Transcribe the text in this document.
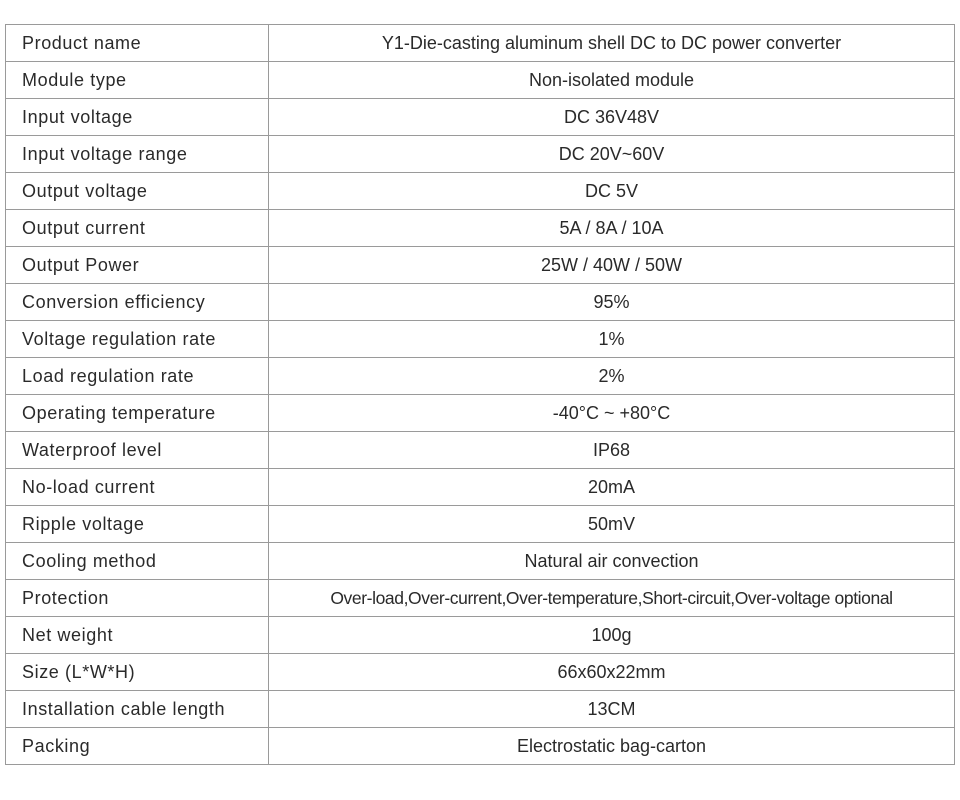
Product name	Y1-Die-casting aluminum shell DC to DC power converter
Module type	Non-isolated module
Input voltage	DC 36V48V
Input voltage range	DC 20V~60V
Output voltage	DC 5V
Output current	5A / 8A / 10A
Output Power	25W / 40W / 50W
Conversion efficiency	95%
Voltage regulation rate	1%
Load regulation rate	2%
Operating temperature	-40°C ~ +80°C
Waterproof level	IP68
No-load current	20mA
Ripple voltage	50mV
Cooling method	Natural air convection
Protection	Over-load,Over-current,Over-temperature,Short-circuit,Over-voltage optional
Net weight	100g
Size (L*W*H)	66x60x22mm
Installation cable length	13CM
Packing	Electrostatic bag-carton
